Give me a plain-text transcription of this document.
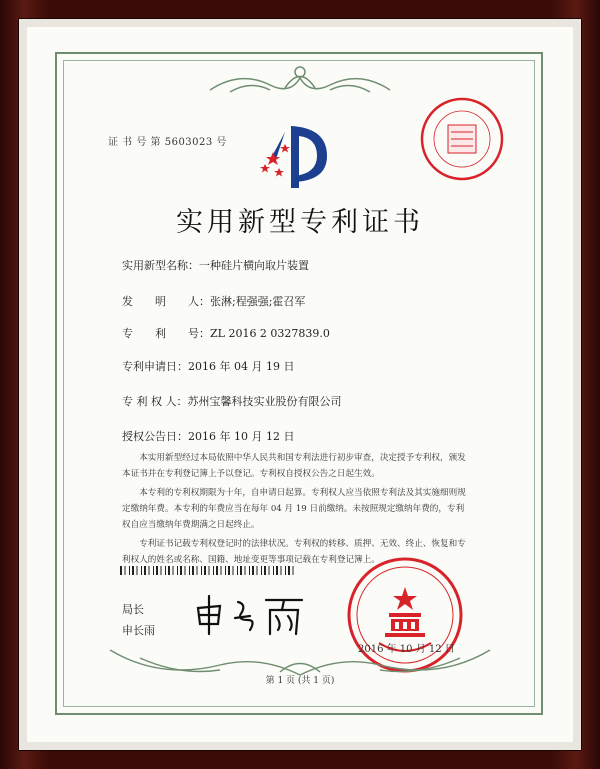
证 书 号 第 5603023 号
实用新型专利证书
实用新型名称：一种硅片横向取片装置
发　　明　　人：张淋;程强强;霍召军
专　　利　　号：ZL 2016 2 0327839.0
专利申请日：2016 年 04 月 19 日
专 利 权 人：苏州宝馨科技实业股份有限公司
授权公告日：2016 年 10 月 12 日

本实用新型经过本局依照中华人民共和国专利法进行初步审查，决定授予专利权，颁发本证书并在专利登记簿上予以登记。专利权自授权公告之日起生效。

本专利的专利权期限为十年，自申请日起算。专利权人应当依照专利法及其实施细则规定缴纳年费。本专利的年费应当在每年 04 月 19 日前缴纳。未按照规定缴纳年费的，专利权自应当缴纳年费期满之日起终止。

专利证书记载专利权登记时的法律状况。专利权的转移、质押、无效、终止、恢复和专利权人的姓名或名称、国籍、地址变更等事项记载在专利登记簿上。

局长
申长雨
2016 年 10 月 12 日
第 1 页 (共 1 页)
